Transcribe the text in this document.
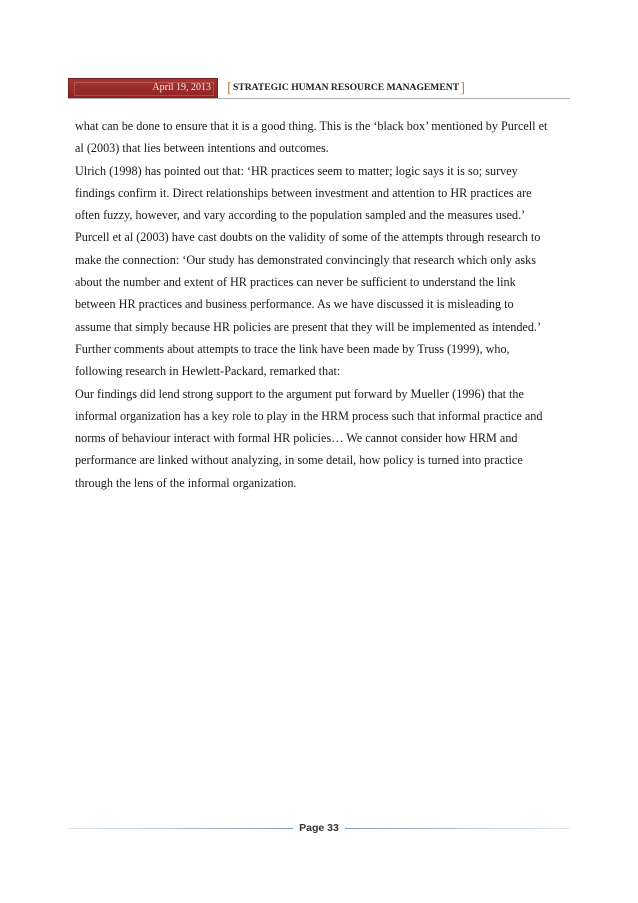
April 19, 2013 [ STRATEGIC HUMAN RESOURCE MANAGEMENT ]

what can be done to ensure that it is a good thing. This is the ‘black box’ mentioned by Purcell et

al (2003) that lies between intentions and outcomes.

Ulrich (1998) has pointed out that: ‘HR practices seem to matter; logic says it is so; survey

findings confirm it. Direct relationships between investment and attention to HR practices are

often fuzzy, however, and vary according to the population sampled and the measures used.’

Purcell et al (2003) have cast doubts on the validity of some of the attempts through research to

make the connection: ‘Our study has demonstrated convincingly that research which only asks

about the number and extent of HR practices can never be sufficient to understand the link

between HR practices and business performance. As we have discussed it is misleading to

assume that simply because HR policies are present that they will be implemented as intended.’

Further comments about attempts to trace the link have been made by Truss (1999), who,

following research in Hewlett-Packard, remarked that:

Our findings did lend strong support to the argument put forward by Mueller (1996) that the

informal organization has a key role to play in the HRM process such that informal practice and

norms of behaviour interact with formal HR policies… We cannot consider how HRM and

performance are linked without analyzing, in some detail, how policy is turned into practice

through the lens of the informal organization.

Page 33
